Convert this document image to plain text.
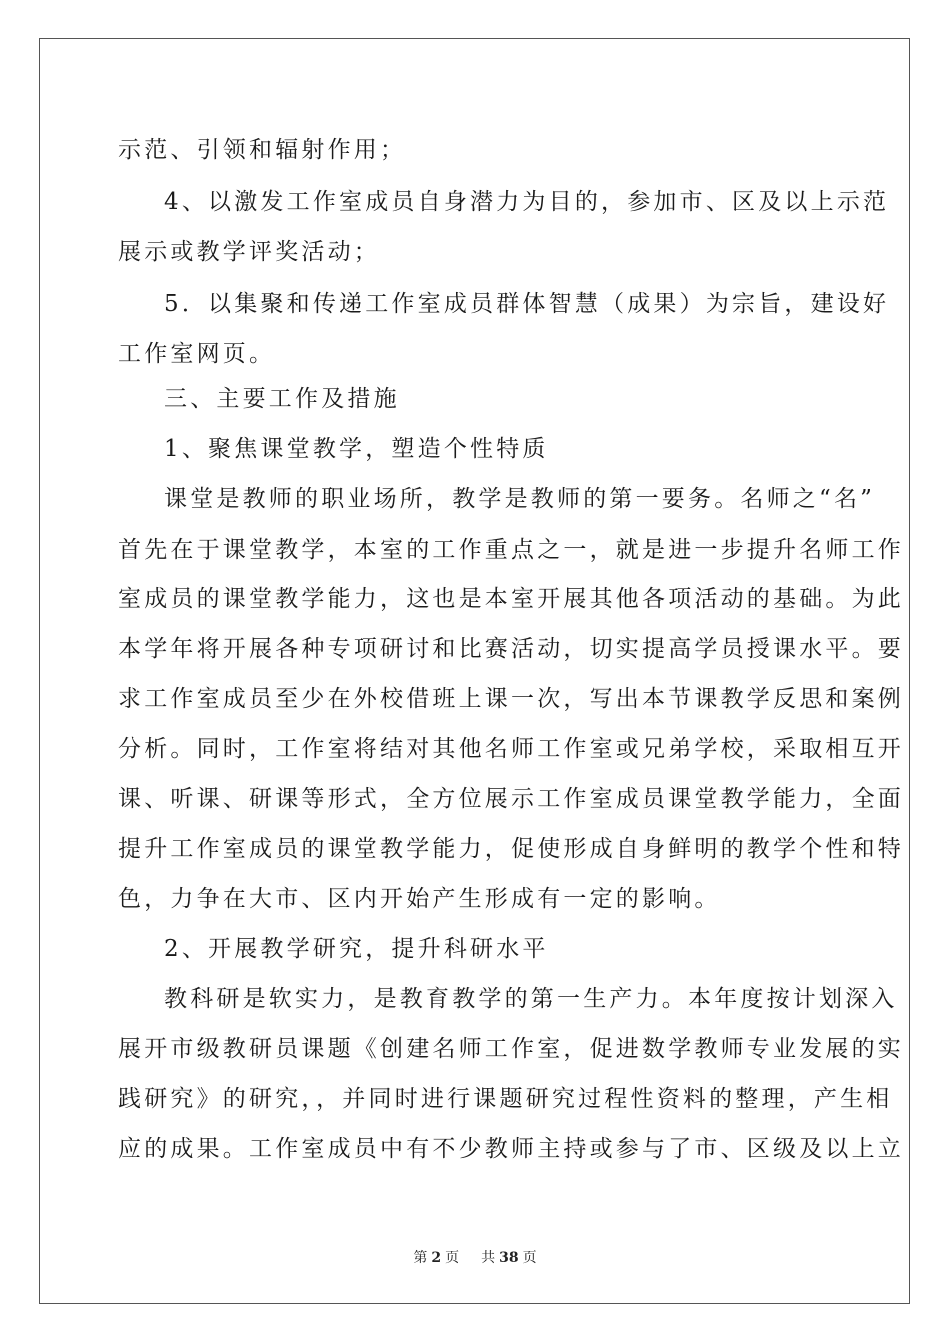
示范、引领和辐射作用；
4、以激发工作室成员自身潜力为目的，参加市、区及以上示范
展示或教学评奖活动；
5．以集聚和传递工作室成员群体智慧（成果）为宗旨，建设好
工作室网页。
三、主要工作及措施
1、聚焦课堂教学，塑造个性特质
课堂是教师的职业场所，教学是教师的第一要务。名师之“名”
首先在于课堂教学，本室的工作重点之一，就是进一步提升名师工作
室成员的课堂教学能力，这也是本室开展其他各项活动的基础。为此
本学年将开展各种专项研讨和比赛活动，切实提高学员授课水平。要
求工作室成员至少在外校借班上课一次，写出本节课教学反思和案例
分析。同时，工作室将结对其他名师工作室或兄弟学校，采取相互开
课、听课、研课等形式，全方位展示工作室成员课堂教学能力，全面
提升工作室成员的课堂教学能力，促使形成自身鲜明的教学个性和特
色，力争在大市、区内开始产生形成有一定的影响。
2、开展教学研究，提升科研水平
教科研是软实力，是教育教学的第一生产力。本年度按计划深入
展开市级教研员课题《创建名师工作室，促进数学教师专业发展的实
践研究》的研究，，并同时进行课题研究过程性资料的整理，产生相
应的成果。工作室成员中有不少教师主持或参与了市、区级及以上立
第 2 页 共 38 页
